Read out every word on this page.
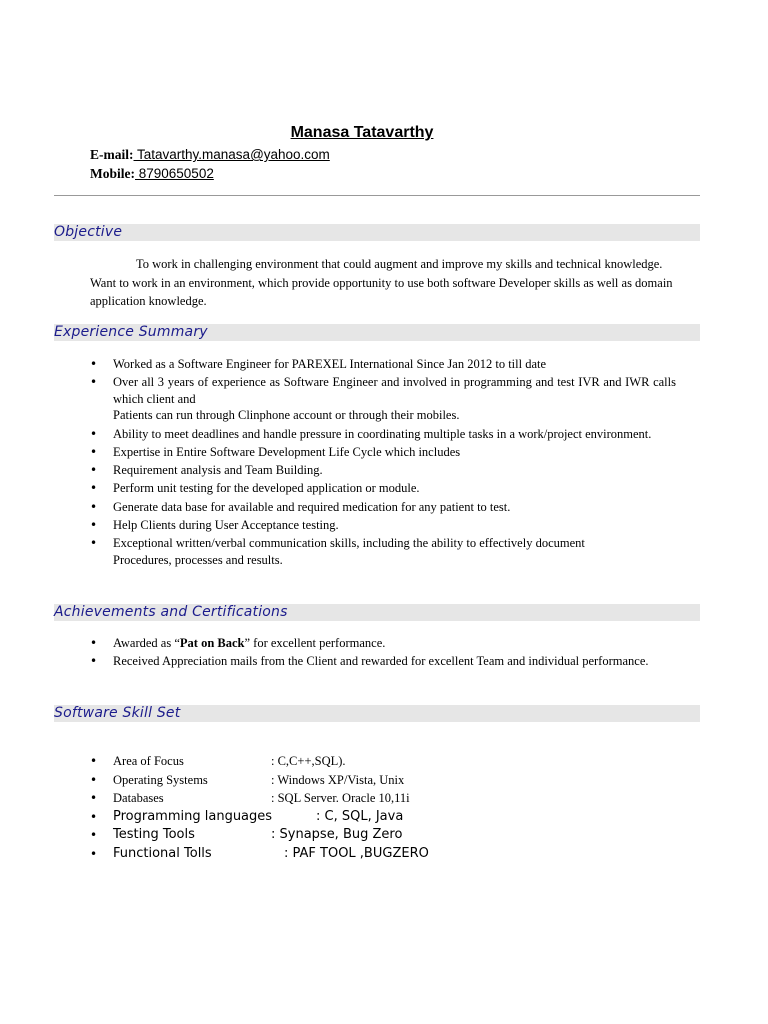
Manasa Tatavarthy
E-mail: Tatavarthy.manasa@yahoo.com
Mobile: 8790650502
Objective
To work in challenging environment that could augment and improve my skills and technical knowledge. Want to work in an environment, which provide opportunity to use both software Developer skills as well as domain application knowledge.
Experience Summary
• Worked as a Software Engineer for PAREXEL International Since Jan 2012 to till date
• Over all 3 years of experience as Software Engineer and involved in programming and test IVR and IWR calls which client and
Patients can run through Clinphone account or through their mobiles.
• Ability to meet deadlines and handle pressure in coordinating multiple tasks in a work/project environment.
• Expertise in Entire Software Development Life Cycle which includes
• Requirement analysis and Team Building.
• Perform unit testing for the developed application or module.
• Generate data base for available and required medication for any patient to test.
• Help Clients during User Acceptance testing.
• Exceptional written/verbal communication skills, including the ability to effectively document
Procedures, processes and results.
Achievements and Certifications
• Awarded as “Pat on Back” for excellent performance.
• Received Appreciation mails from the Client and rewarded for excellent Team and individual performance.
Software Skill Set
• Area of Focus	: C,C++,SQL).
• Operating Systems	: Windows XP/Vista, Unix
• Databases	: SQL Server. Oracle 10,11i
• Programming languages	: C, SQL, Java
• Testing Tools	: Synapse, Bug Zero
• Functional Tolls	: PAF TOOL ,BUGZERO
